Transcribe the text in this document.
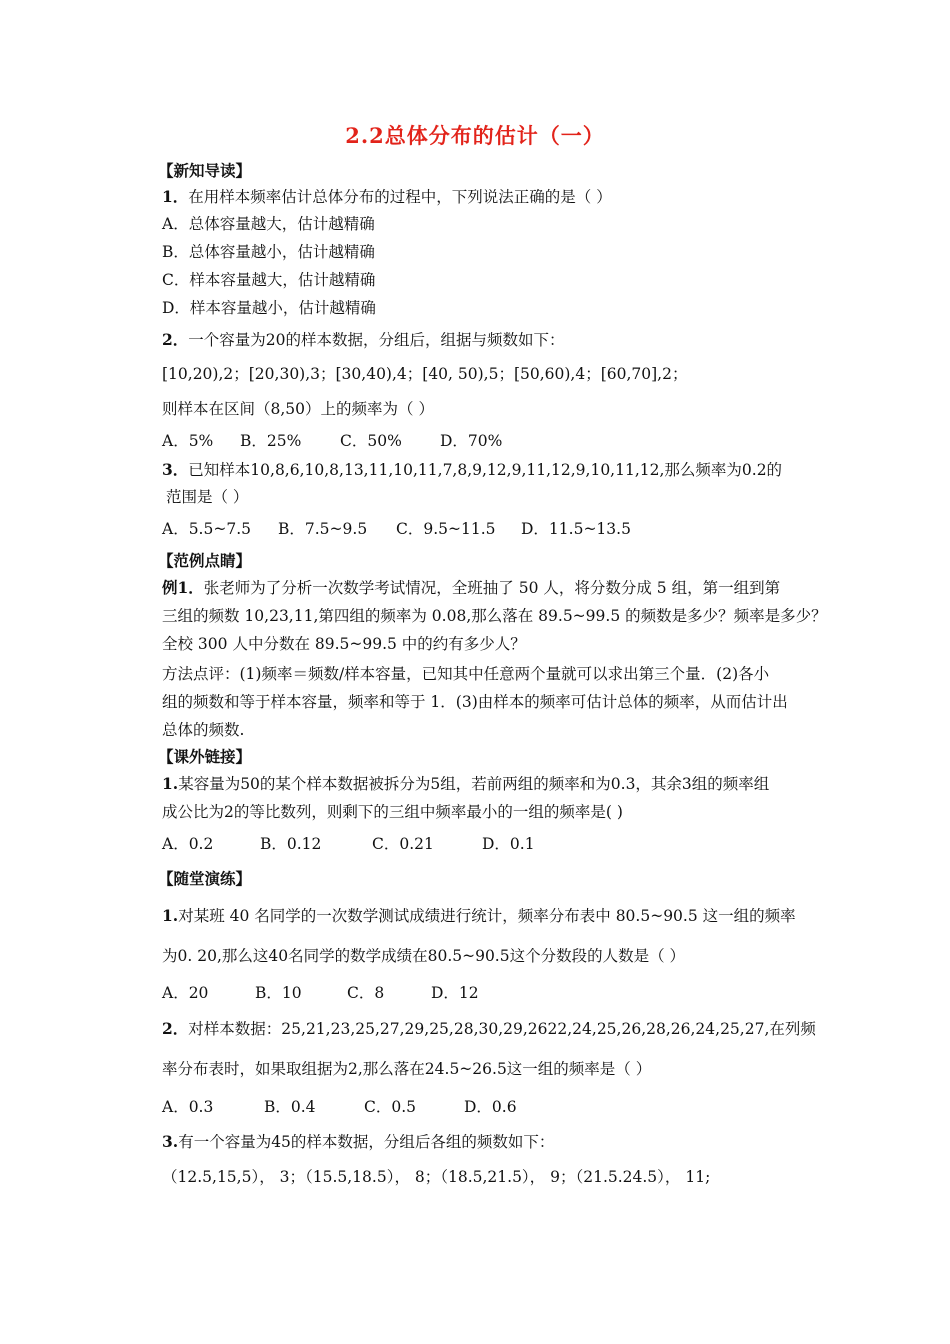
2.2总体分布的估计（一）
【新知导读】
1．在用样本频率估计总体分布的过程中，下列说法正确的是（ ）
A．总体容量越大，估计越精确
B．总体容量越小，估计越精确
C．样本容量越大，估计越精确
D．样本容量越小，估计越精确
2．一个容量为20的样本数据，分组后，组据与频数如下：
[10,20),2；[20,30),3；[30,40),4；[40, 50),5；[50,60),4；[60,70],2；
则样本在区间（8,50）上的频率为（ ）
A．5% B．25% C．50% D．70%
3．已知样本10,8,6,10,8,13,11,10,11,7,8,9,12,9,11,12,9,10,11,12,那么频率为0.2的
范围是（ ）
A．5.5~7.5 B．7.5~9.5 C．9.5~11.5 D．11.5~13.5
【范例点睛】
例1．张老师为了分析一次数学考试情况，全班抽了 50 人，将分数分成 5 组，第一组到第
三组的频数 10,23,11,第四组的频率为 0.08,那么落在 89.5~99.5 的频数是多少？频率是多少？
全校 300 人中分数在 89.5~99.5 中的约有多少人？
方法点评：(1)频率＝频数/样本容量，已知其中任意两个量就可以求出第三个量．(2)各小
组的频数和等于样本容量，频率和等于 1．(3)由样本的频率可估计总体的频率，从而估计出
总体的频数.
【课外链接】
1.某容量为50的某个样本数据被拆分为5组，若前两组的频率和为0.3，其余3组的频率组
成公比为2的等比数列，则剩下的三组中频率最小的一组的频率是( )
A．0.2	B．0.12	C．0.21	D．0.1
【随堂演练】
1.对某班 40 名同学的一次数学测试成绩进行统计，频率分布表中 80.5~90.5 这一组的频率
为0. 20,那么这40名同学的数学成绩在80.5~90.5这个分数段的人数是（ ）
A．20	B．10	C．8	D．12
2．对样本数据：25,21,23,25,27,29,25,28,30,29,2622,24,25,26,28,26,24,25,27,在列频
率分布表时，如果取组据为2,那么落在24.5~26.5这一组的频率是（ ）
A．0.3	B．0.4	C．0.5	D．0.6
3.有一个容量为45的样本数据，分组后各组的频数如下：
（12.5,15,5）， 3；（15.5,18.5）， 8；（18.5,21.5）， 9；（21.5.24.5）， 11;
